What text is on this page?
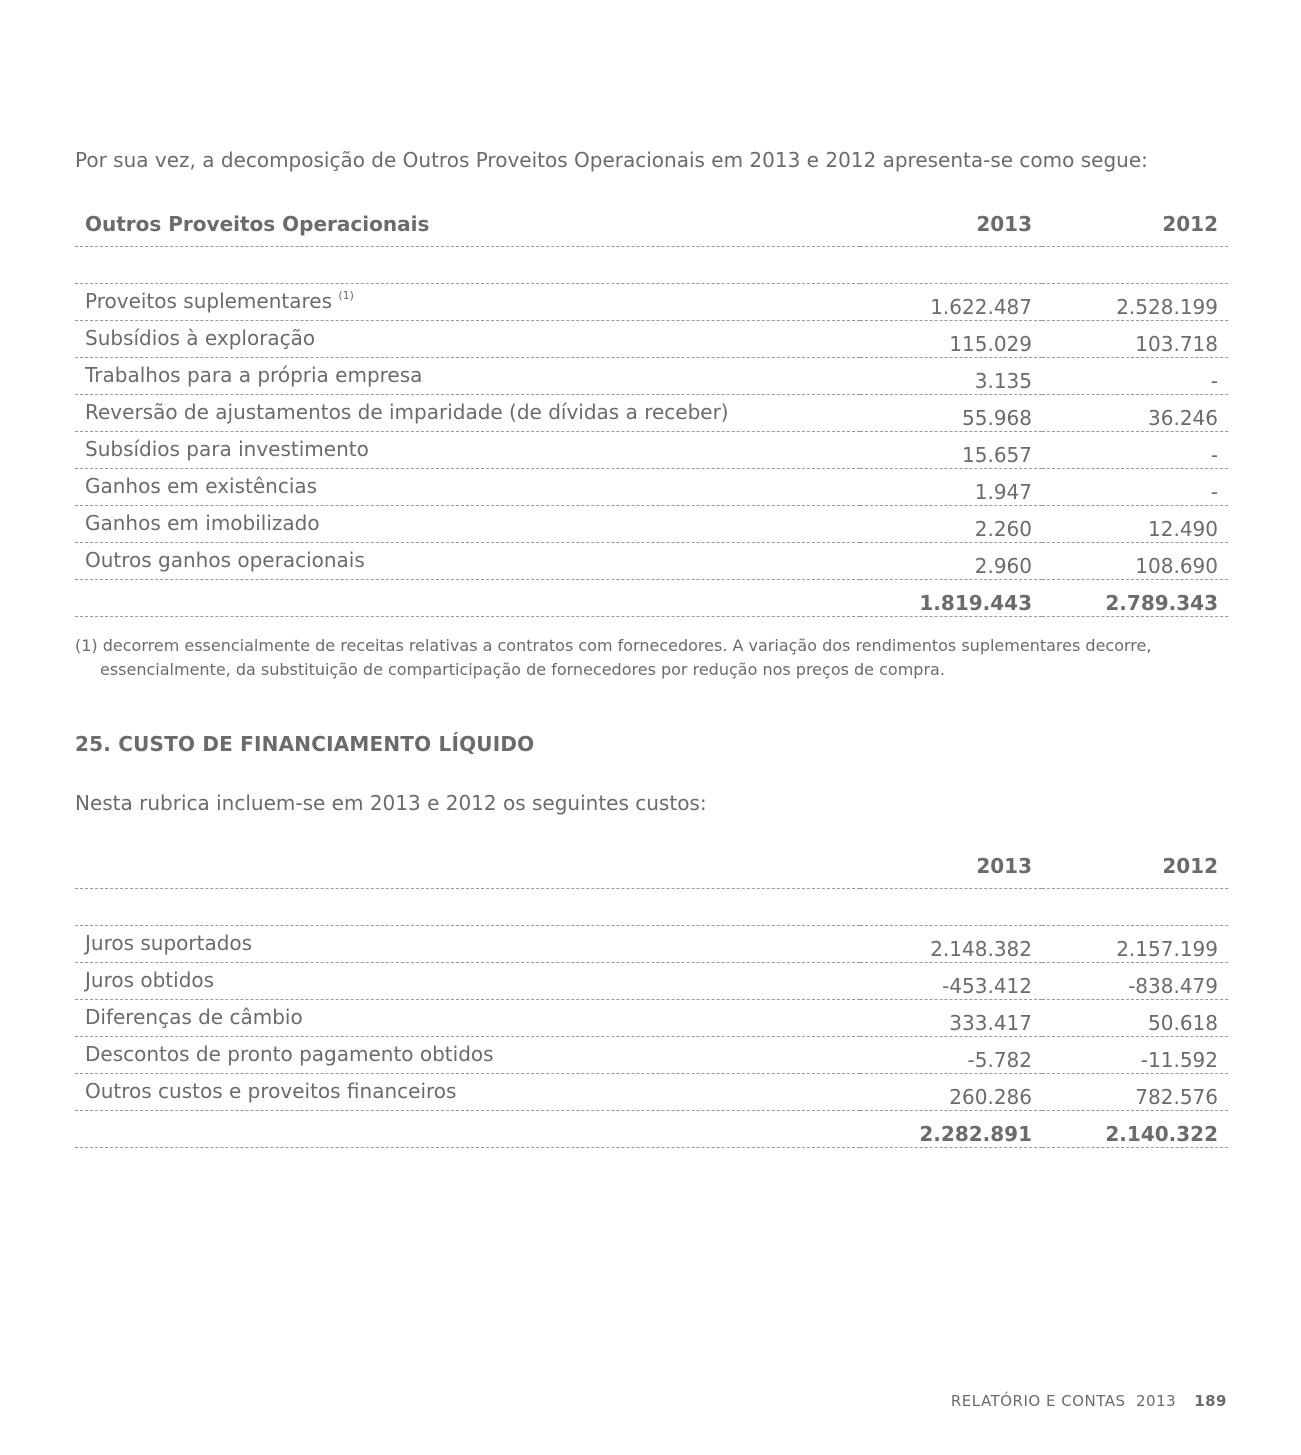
Por sua vez, a decomposição de Outros Proveitos Operacionais em 2013 e 2012 apresenta-se como segue:
Outros Proveitos Operacionais	2013	2012

Proveitos suplementares $^{(1)}$	1.622.487	2.528.199
Subsídios à exploração	115.029	103.718
Trabalhos para a própria empresa	3.135	-
Reversão de ajustamentos de imparidade (de dívidas a receber)	55.968	36.246
Subsídios para investimento	15.657	-
Ganhos em existências	1.947	-
Ganhos em imobilizado	2.260	12.490
Outros ganhos operacionais	2.960	108.690
	1.819.443	2.789.343
(1) decorrem essencialmente de receitas relativas a contratos com fornecedores. A variação dos rendimentos suplementares decorre,
essencialmente, da substituição de comparticipação de fornecedores por redução nos preços de compra.
25. CUSTO DE FINANCIAMENTO LÍQUIDO
Nesta rubrica incluem-se em 2013 e 2012 os seguintes custos:
	2013	2012

Juros suportados	2.148.382	2.157.199
Juros obtidos	-453.412	-838.479
Diferenças de câmbio	333.417	50.618
Descontos de pronto pagamento obtidos	-5.782	-11.592
Outros custos e proveitos financeiros	260.286	782.576
	2.282.891	2.140.322
RELATÓRIO E CONTAS  2013 189
